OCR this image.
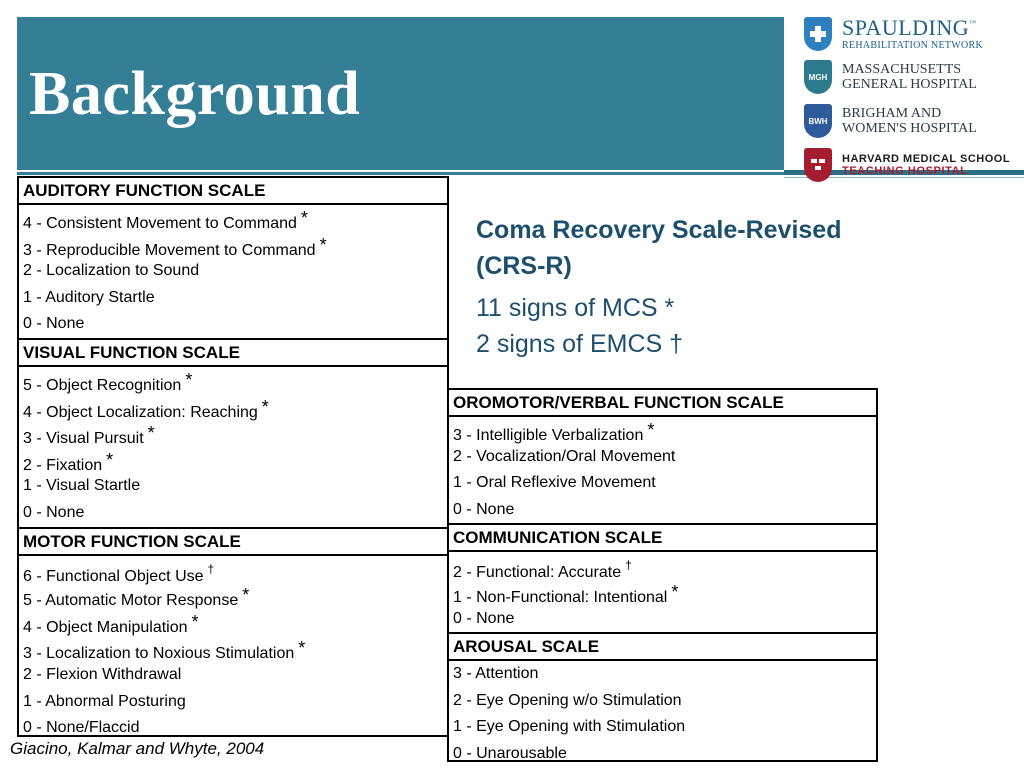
Background
SPAULDING™
REHABILITATION NETWORK
MGH
MASSACHUSETTS
GENERAL HOSPITAL
BWH
BRIGHAM AND
WOMEN'S HOSPITAL
HARVARD MEDICAL SCHOOL
TEACHING HOSPITAL
AUDITORY FUNCTION SCALE
4 - Consistent Movement to Command *
3 - Reproducible Movement to Command *
2 - Localization to Sound
1 - Auditory Startle
0 - None
VISUAL FUNCTION SCALE
5 - Object Recognition *
4 - Object Localization: Reaching *
3 - Visual Pursuit *
2 - Fixation *
1 - Visual Startle
0 - None
MOTOR FUNCTION SCALE
6 - Functional Object Use †
5 - Automatic Motor Response *
4 - Object Manipulation *
3 - Localization to Noxious Stimulation *
2 - Flexion Withdrawal
1 - Abnormal Posturing
0 - None/Flaccid
OROMOTOR/VERBAL FUNCTION SCALE
3 - Intelligible Verbalization *
2 - Vocalization/Oral Movement
1 - Oral Reflexive Movement
0 - None
COMMUNICATION SCALE
2 - Functional: Accurate †
1 - Non-Functional: Intentional *
0 - None
AROUSAL SCALE
3 - Attention
2 - Eye Opening w/o Stimulation
1 - Eye Opening with Stimulation
0 - Unarousable
Coma Recovery Scale-Revised (CRS-R)
11 signs of MCS *
2 signs of EMCS †
Giacino, Kalmar and Whyte, 2004
